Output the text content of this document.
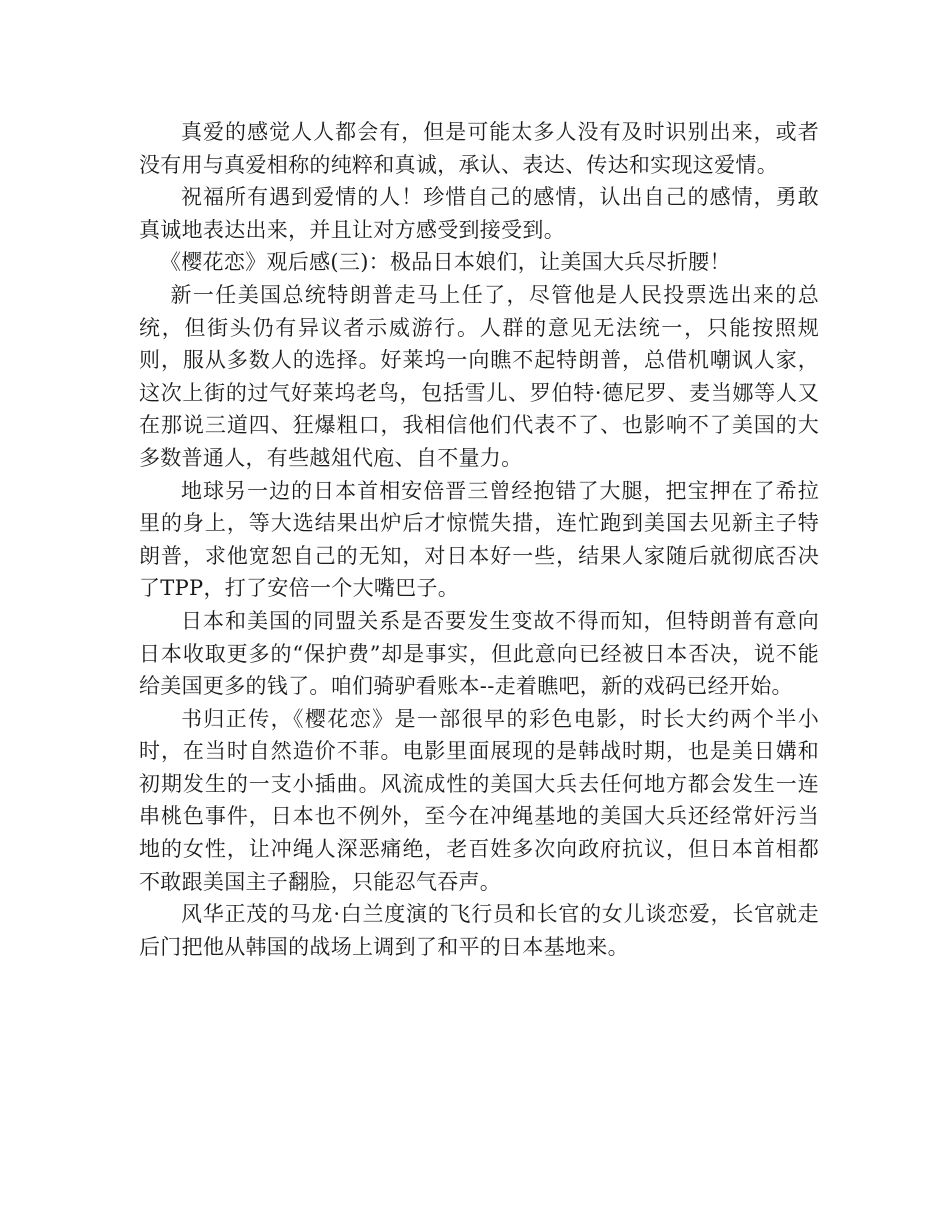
真爱的感觉人人都会有，但是可能太多人没有及时识别出来，或者没有用与真爱相称的纯粹和真诚，承认、表达、传达和实现这爱情。

祝福所有遇到爱情的人！珍惜自己的感情，认出自己的感情，勇敢真诚地表达出来，并且让对方感受到接受到。

《樱花恋》观后感(三)：极品日本娘们，让美国大兵尽折腰！

新一任美国总统特朗普走马上任了，尽管他是人民投票选出来的总统，但街头仍有异议者示威游行。人群的意见无法统一，只能按照规则，服从多数人的选择。好莱坞一向瞧不起特朗普，总借机嘲讽人家，这次上街的过气好莱坞老鸟，包括雪儿、罗伯特·德尼罗、麦当娜等人又在那说三道四、狂爆粗口，我相信他们代表不了、也影响不了美国的大多数普通人，有些越俎代庖、自不量力。

地球另一边的日本首相安倍晋三曾经抱错了大腿，把宝押在了希拉里的身上，等大选结果出炉后才惊慌失措，连忙跑到美国去见新主子特朗普，求他宽恕自己的无知，对日本好一些，结果人家随后就彻底否决了TPP，打了安倍一个大嘴巴子。

日本和美国的同盟关系是否要发生变故不得而知，但特朗普有意向日本收取更多的“保护费”却是事实，但此意向已经被日本否决，说不能给美国更多的钱了。咱们骑驴看账本--走着瞧吧，新的戏码已经开始。

书归正传，《樱花恋》是一部很早的彩色电影，时长大约两个半小时，在当时自然造价不菲。电影里面展现的是韩战时期，也是美日媾和初期发生的一支小插曲。风流成性的美国大兵去任何地方都会发生一连串桃色事件，日本也不例外，至今在冲绳基地的美国大兵还经常奸污当地的女性，让冲绳人深恶痛绝，老百姓多次向政府抗议，但日本首相都不敢跟美国主子翻脸，只能忍气吞声。

风华正茂的马龙·白兰度演的飞行员和长官的女儿谈恋爱，长官就走后门把他从韩国的战场上调到了和平的日本基地来。
